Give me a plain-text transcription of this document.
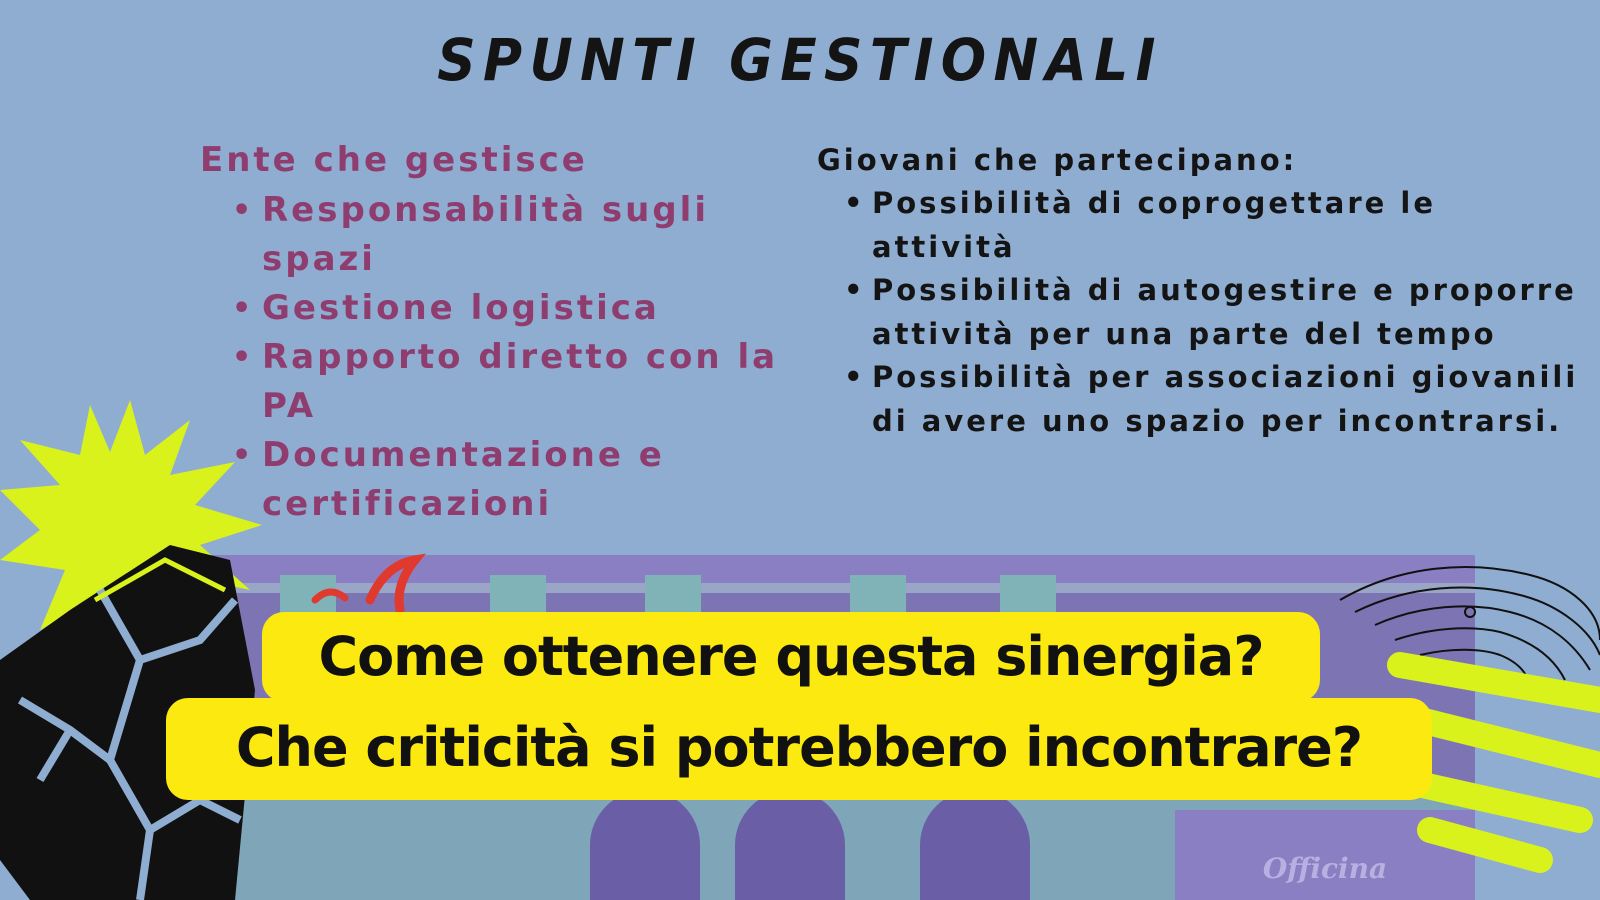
Officina
SPUNTI GESTIONALI
Ente che gestisce
• Responsabilità sugli spazi
• Gestione logistica
• Rapporto diretto con la PA
• Documentazione e certificazioni
Giovani che partecipano:
• Possibilità di coprogettare le attività
• Possibilità di autogestire e proporre attività per una parte del tempo
• Possibilità per associazioni giovanili di avere uno spazio per incontrarsi.
Che criticità si potrebbero incontrare?
Come ottenere questa sinergia?
